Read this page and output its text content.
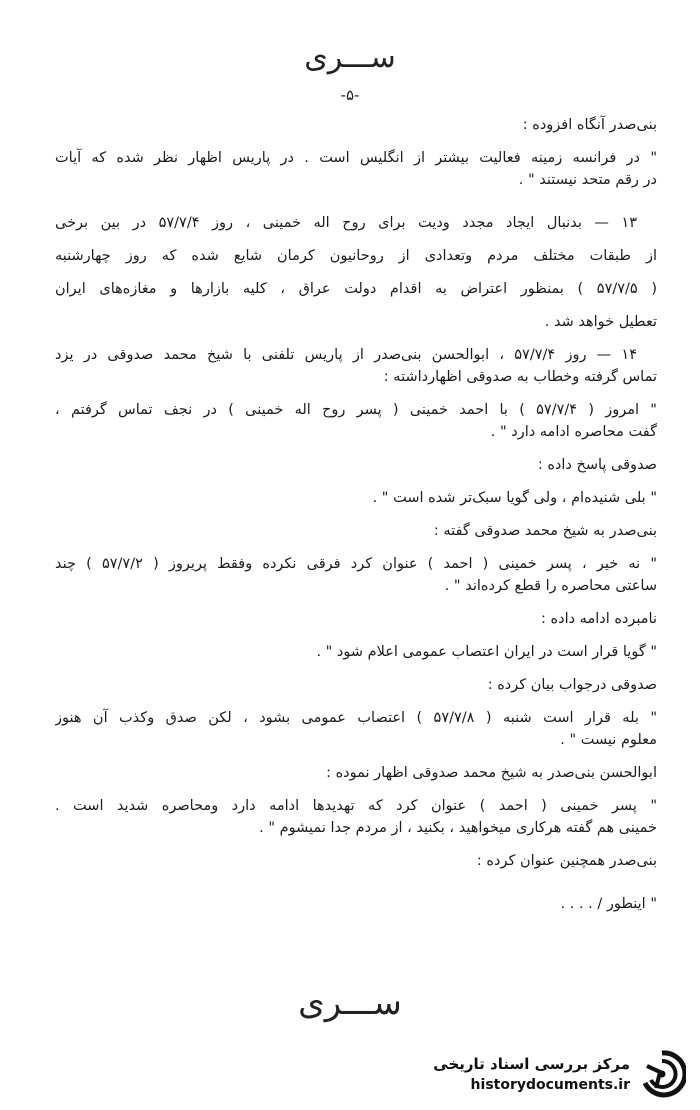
ســـری
-۵-
بنی‌صدر آنگاه افزوده :
" در فرانسه زمینه فعالیت بیشتر از انگلیس است . در پاریس اظهار نظر شده که آیات
در رقم متحد نیستند " .
۱۳ — بدنبال ایجاد مجدد ودیت برای روح اله خمینی ، روز ۵۷/۷/۴ در بین برخی
از طبقات مختلف مردم وتعدادی از روحانیون کرمان شایع شده که روز چهارشنبه
( ۵۷/۷/۵ ) بمنظور اعتراض به اقدام دولت عراق ، کلیه بازارها و مغازه‌های ایران
تعطیل خواهد شد .
۱۴ — روز ۵۷/۷/۴ ، ابوالحسن بنی‌صدر از پاریس تلفنی با شیخ محمد صدوقی در یزد
تماس گرفته وخطاب به صدوقی اظهارداشته :
" امروز ( ۵۷/۷/۴ ) با احمد خمینی ( پسر روح اله خمینی ) در نجف تماس گرفتم ،
گفت محاصره ادامه دارد " .
صدوقی پاسخ داده :
" بلی شنیده‌ام ، ولی گویا سبک‌تر شده است " .
بنی‌صدر به شیخ محمد صدوقی گفته :
" نه خیر ، پسر خمینی ( احمد ) عنوان کرد فرقی نکرده وفقط پریروز ( ۵۷/۷/۲ ) چند
ساعتی محاصره را قطع کرده‌اند " .
نامبرده ادامه داده :
" گویا قرار است در ایران اعتصاب عمومی اعلام شود " .
صدوقی درجواب بیان کرده :
" بله قرار است شنبه ( ۵۷/۷/۸ ) اعتصاب عمومی بشود ، لکن صدق وکذب آن هنوز
معلوم نیست " .
ابوالحسن بنی‌صدر به شیخ محمد صدوقی اظهار نموده :
" پسر خمینی ( احمد ) عنوان کرد که تهدیدها ادامه دارد ومحاصره شدید است .
خمینی هم گفته هرکاری میخواهید ، بکنید ، از مردم جدا نمیشوم " .
بنی‌صدر همچنین عنوان کرده :
" اینطور / . . . .
ســـری
مرکز بررسی اسناد تاریخی
historydocuments.ir
